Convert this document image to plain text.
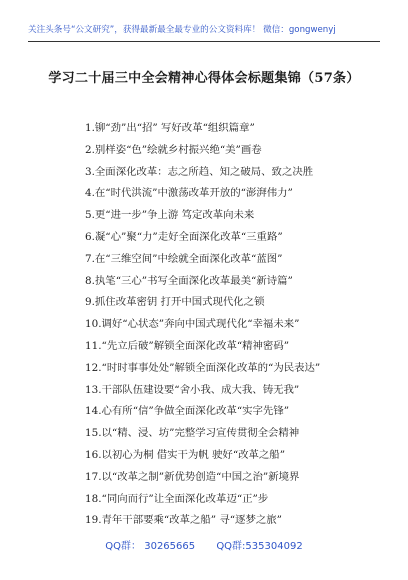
关注头条号“公文研究”，获得最新最全最专业的公文资料库！ 微信：gongwenyj
学习二十届三中全会精神心得体会标题集锦（57条）
1.铆“劲”出“招” 写好改革“组织篇章”
2.别样姿“色”绘就乡村振兴绝“美”画卷
3.全面深化改革：志之所趋、知之破局、致之决胜
4.在“时代洪流”中激荡改革开放的“澎湃伟力”
5.更“进一步”争上游 笃定改革向未来
6.凝“心”聚“力”走好全面深化改革“三重路”
7.在“三维空间”中绘就全面深化改革“蓝图”
8.执笔“三心”书写全面深化改革最美“新诗篇”
9.抓住改革密钥 打开中国式现代化之锁
10.调好“心状态”奔向中国式现代化“幸福未来”
11.“先立后破”解锁全面深化改革“精神密码”
12.“时时事事处处”解锁全面深化改革的“为民表达”
13.干部队伍建设要“舍小我、成大我、铸无我”
14.心有所“信”争做全面深化改革“实字先锋”
15.以“精、浸、坊”完整学习宣传贯彻全会精神
16.以初心为桐 借实干为帆 驶好“改革之船”
17.以“改革之制”新优势创造“中国之治”新境界
18.“同向而行”让全面深化改革迈“正”步
19.青年干部要乘“改革之船” 寻“逐梦之旅”
QQ群： 30265665 QQ群:535304092
